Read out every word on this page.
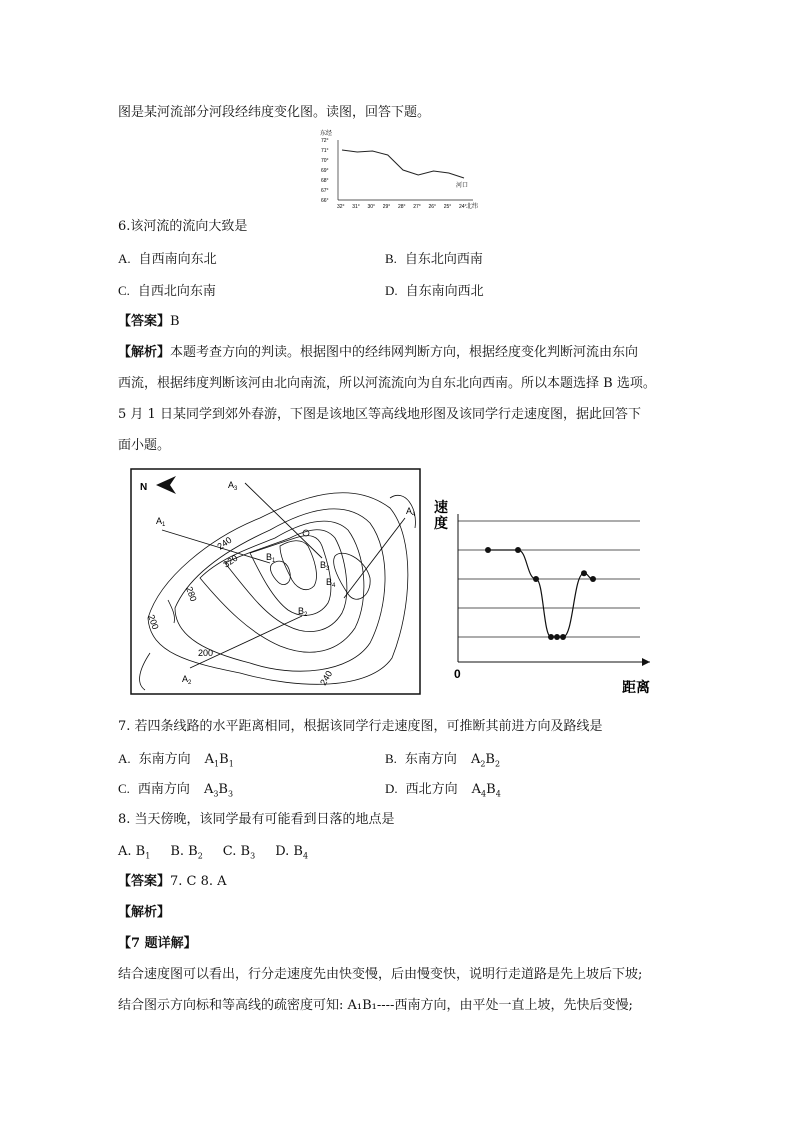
图是某河流部分河段经纬度变化图。读图，回答下题。
东经
72°
71°
70°
69°
68°
67°
66°
32° 31° 30° 29° 28° 27° 26° 25° 24°
河口
北纬
6.该河流的流向大致是
A. 自西南向东北	B. 自东北向西南
C. 自西北向东南	D. 自东南向西北
【答案】B
【解析】本题考查方向的判读。根据图中的经纬网判断方向，根据经度变化判断河流由东向
西流，根据纬度判断该河由北向南流，所以河流流向为自东北向西南。所以本题选择 B 选项。
5 月 1 日某同学到郊外春游，下图是该地区等高线地形图及该同学行走速度图，据此回答下
面小题。
N
$A_1$
$A_3$
$A_4$
$A_2$
$B_1$	$B_3$
$B_4$
$B_2$
240
320
280
200
200
240
速
度
0
距离
7. 若四条线路的水平距离相同，根据该同学行走速度图，可推断其前进方向及路线是
A. 东南方向 $A_1B_1$	B. 东南方向 $A_2B_2$
C. 西南方向 $A_3B_3$	D. 西北方向 $A_4B_4$
8. 当天傍晚，该同学最有可能看到日落的地点是
A. $B_1$ B. $B_2$ C. $B_3$ D. $B_4$
【答案】7. C 8. A
【解析】
【7 题详解】
结合速度图可以看出，行分走速度先由快变慢，后由慢变快，说明行走道路是先上坡后下坡;
结合图示方向标和等高线的疏密度可知: A₁B₁----西南方向，由平处一直上坡，先快后变慢;
